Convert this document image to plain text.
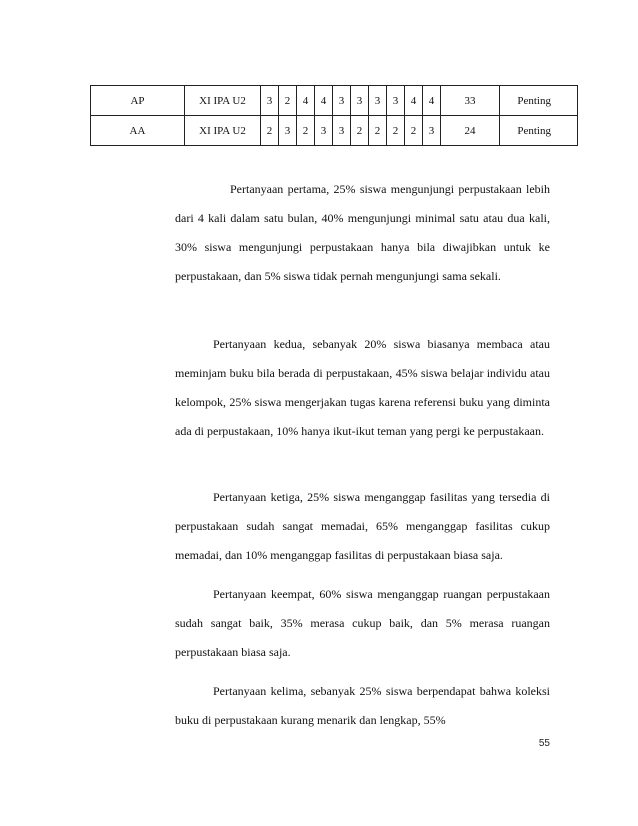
AP	XI IPA U2	3	2	4	4	3	3	3	3	4	4	33	Penting
AA	XI IPA U2	2	3	2	3	3	2	2	2	2	3	24	Penting

Pertanyaan pertama, 25% siswa mengunjungi perpustakaan lebih dari 4 kali dalam satu bulan, 40% mengunjungi minimal satu atau dua kali, 30% siswa mengunjungi perpustakaan hanya bila diwajibkan untuk ke perpustakaan, dan 5% siswa tidak pernah mengunjungi sama sekali.

Pertanyaan kedua, sebanyak 20% siswa biasanya membaca atau meminjam buku bila berada di perpustakaan, 45% siswa belajar individu atau kelompok, 25% siswa mengerjakan tugas karena referensi buku yang diminta ada di perpustakaan, 10% hanya ikut-ikut teman yang pergi ke perpustakaan.

Pertanyaan ketiga, 25% siswa menganggap fasilitas yang tersedia di perpustakaan sudah sangat memadai, 65% menganggap fasilitas cukup memadai, dan 10% menganggap fasilitas di perpustakaan biasa saja.

Pertanyaan keempat, 60% siswa menganggap ruangan perpustakaan sudah sangat baik, 35% merasa cukup baik, dan 5% merasa ruangan perpustakaan biasa saja.

Pertanyaan kelima, sebanyak 25% siswa berpendapat bahwa koleksi buku di perpustakaan kurang menarik dan lengkap, 55%

55
